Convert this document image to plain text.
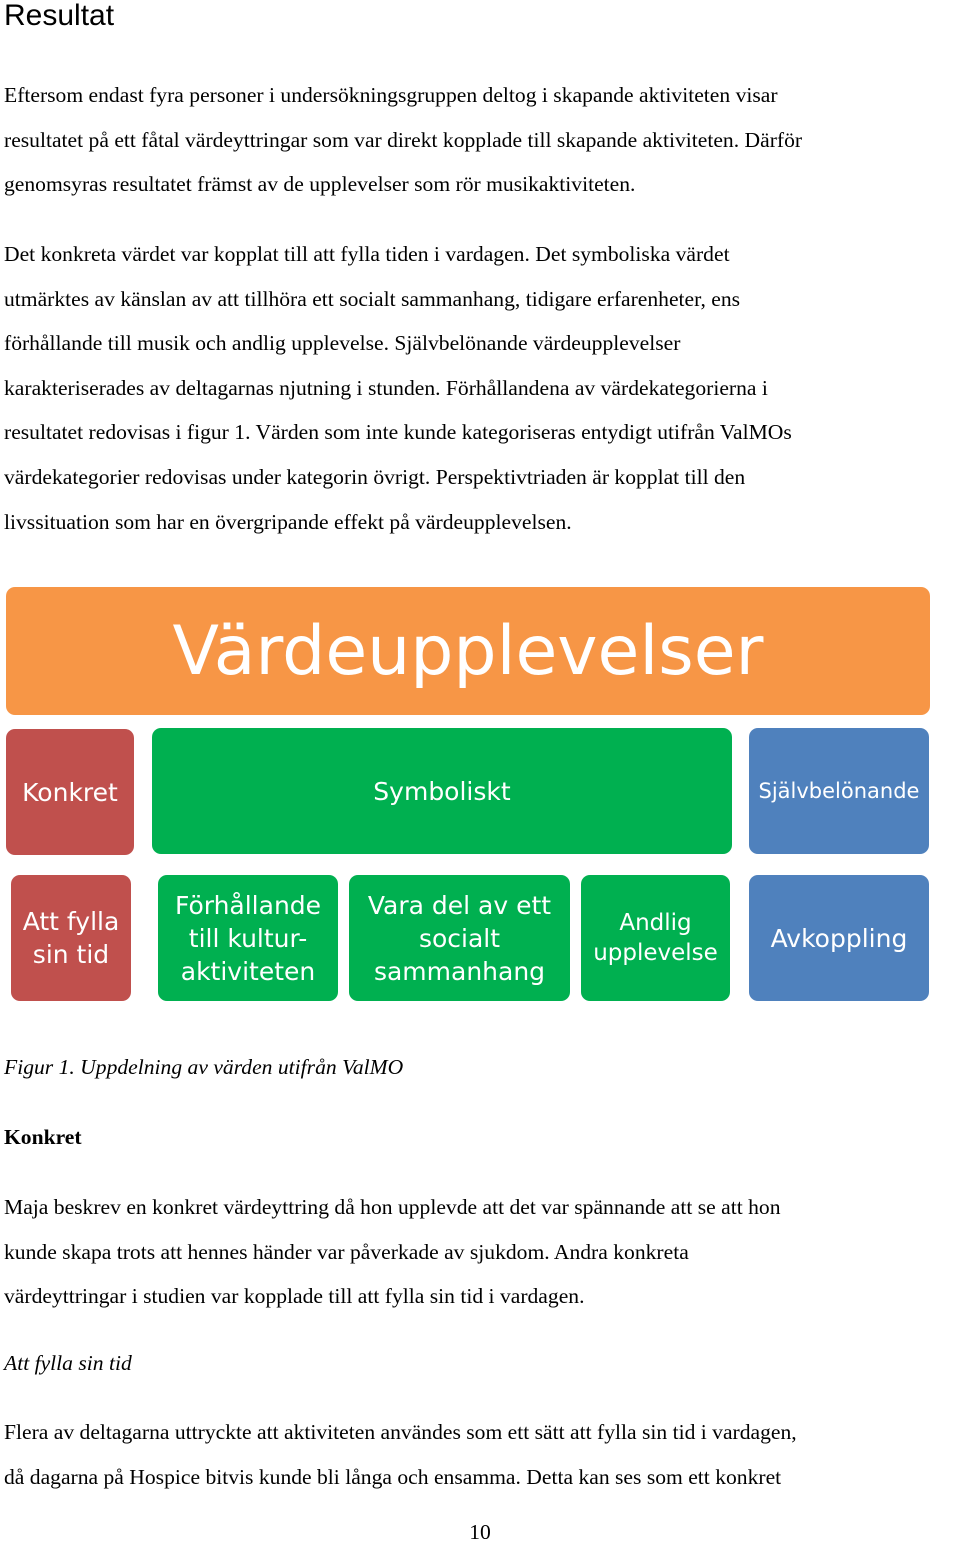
Resultat

Eftersom endast fyra personer i undersökningsgruppen deltog i skapande aktiviteten visar
resultatet på ett fåtal värdeyttringar som var direkt kopplade till skapande aktiviteten. Därför
genomsyras resultatet främst av de upplevelser som rör musikaktiviteten.

Det konkreta värdet var kopplat till att fylla tiden i vardagen. Det symboliska värdet
utmärktes av känslan av att tillhöra ett socialt sammanhang, tidigare erfarenheter, ens
förhållande till musik och andlig upplevelse. Självbelönande värdeupplevelser
karakteriserades av deltagarnas njutning i stunden. Förhållandena av värdekategorierna i
resultatet redovisas i figur 1. Värden som inte kunde kategoriseras entydigt utifrån ValMOs
värdekategorier redovisas under kategorin övrigt. Perspektivtriaden är kopplat till den
livssituation som har en övergripande effekt på värdeupplevelsen.

Värdeupplevelser
Konkret	Symboliskt	Självbelönande
Att fylla
sin tid
Förhållande
till kultur-
aktiviteten
Vara del av ett
socialt
sammanhang
Andlig
upplevelse
Avkoppling

Figur 1. Uppdelning av värden utifrån ValMO

Konkret

Maja beskrev en konkret värdeyttring då hon upplevde att det var spännande att se att hon
kunde skapa trots att hennes händer var påverkade av sjukdom. Andra konkreta
värdeyttringar i studien var kopplade till att fylla sin tid i vardagen.

Att fylla sin tid

Flera av deltagarna uttryckte att aktiviteten användes som ett sätt att fylla sin tid i vardagen,
då dagarna på Hospice bitvis kunde bli långa och ensamma. Detta kan ses som ett konkret

10
